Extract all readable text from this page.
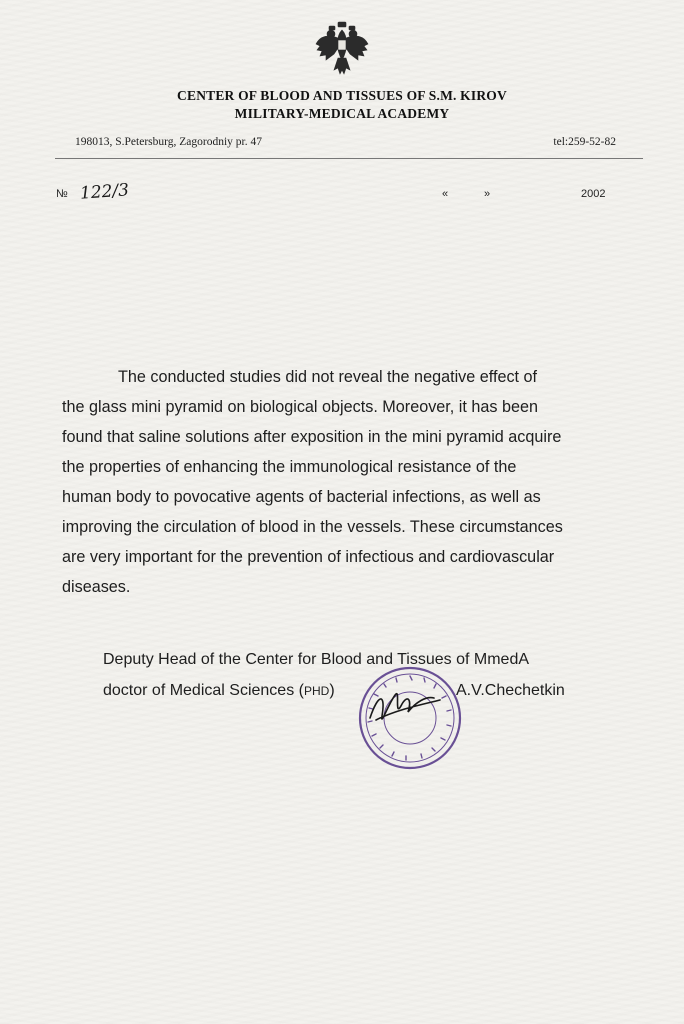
CENTER OF BLOOD AND TISSUES OF S.M. KIROV
MILITARY-MEDICAL ACADEMY
198013, S.Petersburg, Zagorodniy pr. 47	tel:259-52-82
№ 122/3	«	»	2002
The conducted studies did not reveal the negative effect of
the glass mini pyramid on biological objects. Moreover, it has been
found that saline solutions after exposition in the mini pyramid acquire
the properties of enhancing the immunological resistance of the
human body to povocative agents of bacterial infections, as well as
improving the circulation of blood in the vessels. These circumstances
are very important for the prevention of infectious and cardiovascular
diseases.
Deputy Head of the Center for Blood and Tissues of MmedA
doctor of Medical Sciences (PHD)	A.V.Chechetkin
